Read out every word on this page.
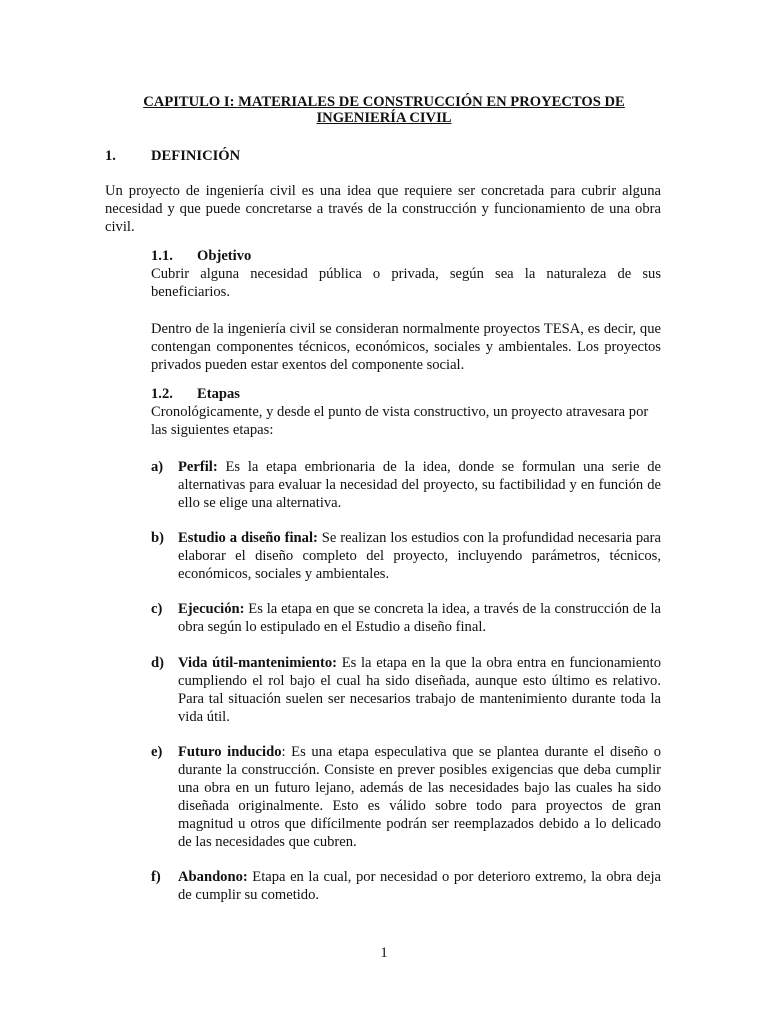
CAPITULO I: MATERIALES DE CONSTRUCCIÓN EN PROYECTOS DE
INGENIERÍA CIVIL
1. DEFINICIÓN
Un proyecto de ingeniería civil es una idea que requiere ser concretada para cubrir alguna necesidad y que puede concretarse a través de la construcción y funcionamiento de una obra civil.
1.1. Objetivo
Cubrir alguna necesidad pública o privada, según sea la naturaleza de sus beneficiarios.
Dentro de la ingeniería civil se consideran normalmente proyectos TESA, es decir, que contengan componentes técnicos, económicos, sociales y ambientales. Los proyectos privados pueden estar exentos del componente social.
1.2. Etapas
Cronológicamente, y desde el punto de vista constructivo, un proyecto atravesara por las siguientes etapas:
a) Perfil: Es la etapa embrionaria de la idea, donde se formulan una serie de alternativas para evaluar la necesidad del proyecto, su factibilidad y en función de ello se elige una alternativa.
b) Estudio a diseño final: Se realizan los estudios con la profundidad necesaria para elaborar el diseño completo del proyecto, incluyendo parámetros, técnicos, económicos, sociales y ambientales.
c) Ejecución: Es la etapa en que se concreta la idea, a través de la construcción de la obra según lo estipulado en el Estudio a diseño final.
d) Vida útil-mantenimiento: Es la etapa en la que la obra entra en funcionamiento cumpliendo el rol bajo el cual ha sido diseñada, aunque esto último es relativo. Para tal situación suelen ser necesarios trabajo de mantenimiento durante toda la vida útil.
e) Futuro inducido: Es una etapa especulativa que se plantea durante el diseño o durante la construcción. Consiste en prever posibles exigencias que deba cumplir una obra en un futuro lejano, además de las necesidades bajo las cuales ha sido diseñada originalmente. Esto es válido sobre todo para proyectos de gran magnitud u otros que difícilmente podrán ser reemplazados debido a lo delicado de las necesidades que cubren.
f) Abandono: Etapa en la cual, por necesidad o por deterioro extremo, la obra deja de cumplir su cometido.
1
